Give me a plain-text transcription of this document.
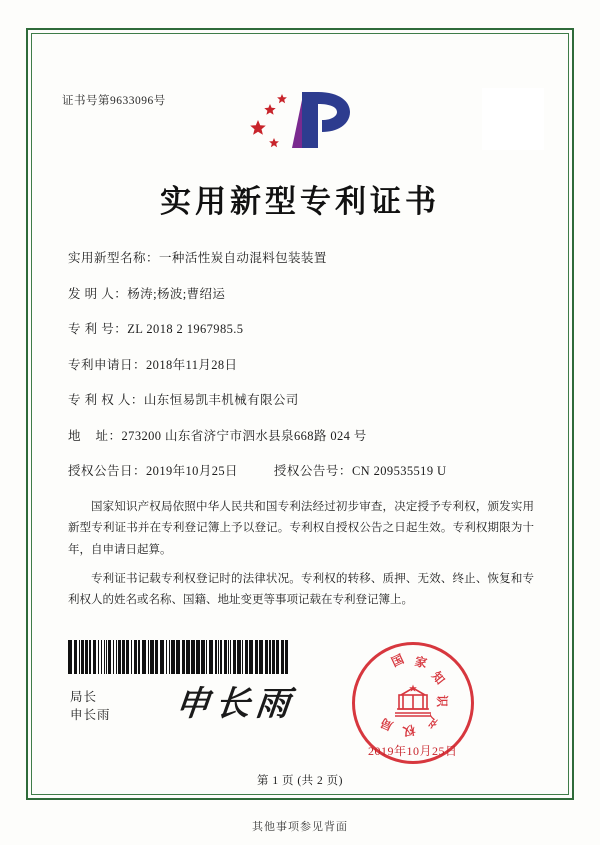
证书号第9633096号
实用新型专利证书
实用新型名称： 一种活性炭自动混料包装装置
发 明 人： 杨涛;杨波;曹绍运
专 利 号： ZL 2018 2 1967985.5
专利申请日： 2018年11月28日
专 利 权 人： 山东恒易凯丰机械有限公司
地    址： 273200 山东省济宁市泗水县泉668路 024 号
授权公告日： 2019年10月25日	授权公告号： CN 209535519 U

国家知识产权局依照中华人民共和国专利法经过初步审查，决定授予专利权，颁发实用新型专利证书并在专利登记簿上予以登记。专利权自授权公告之日起生效。专利权期限为十年，自申请日起算。

专利证书记载专利权登记时的法律状况。专利权的转移、质押、无效、终止、恢复和专利权人的姓名或名称、国籍、地址变更等事项记载在专利登记簿上。

局长
申长雨 申长雨
国 家
知
识
产
权
局
2019年10月25日
第 1 页 (共 2 页)
其他事项参见背面
